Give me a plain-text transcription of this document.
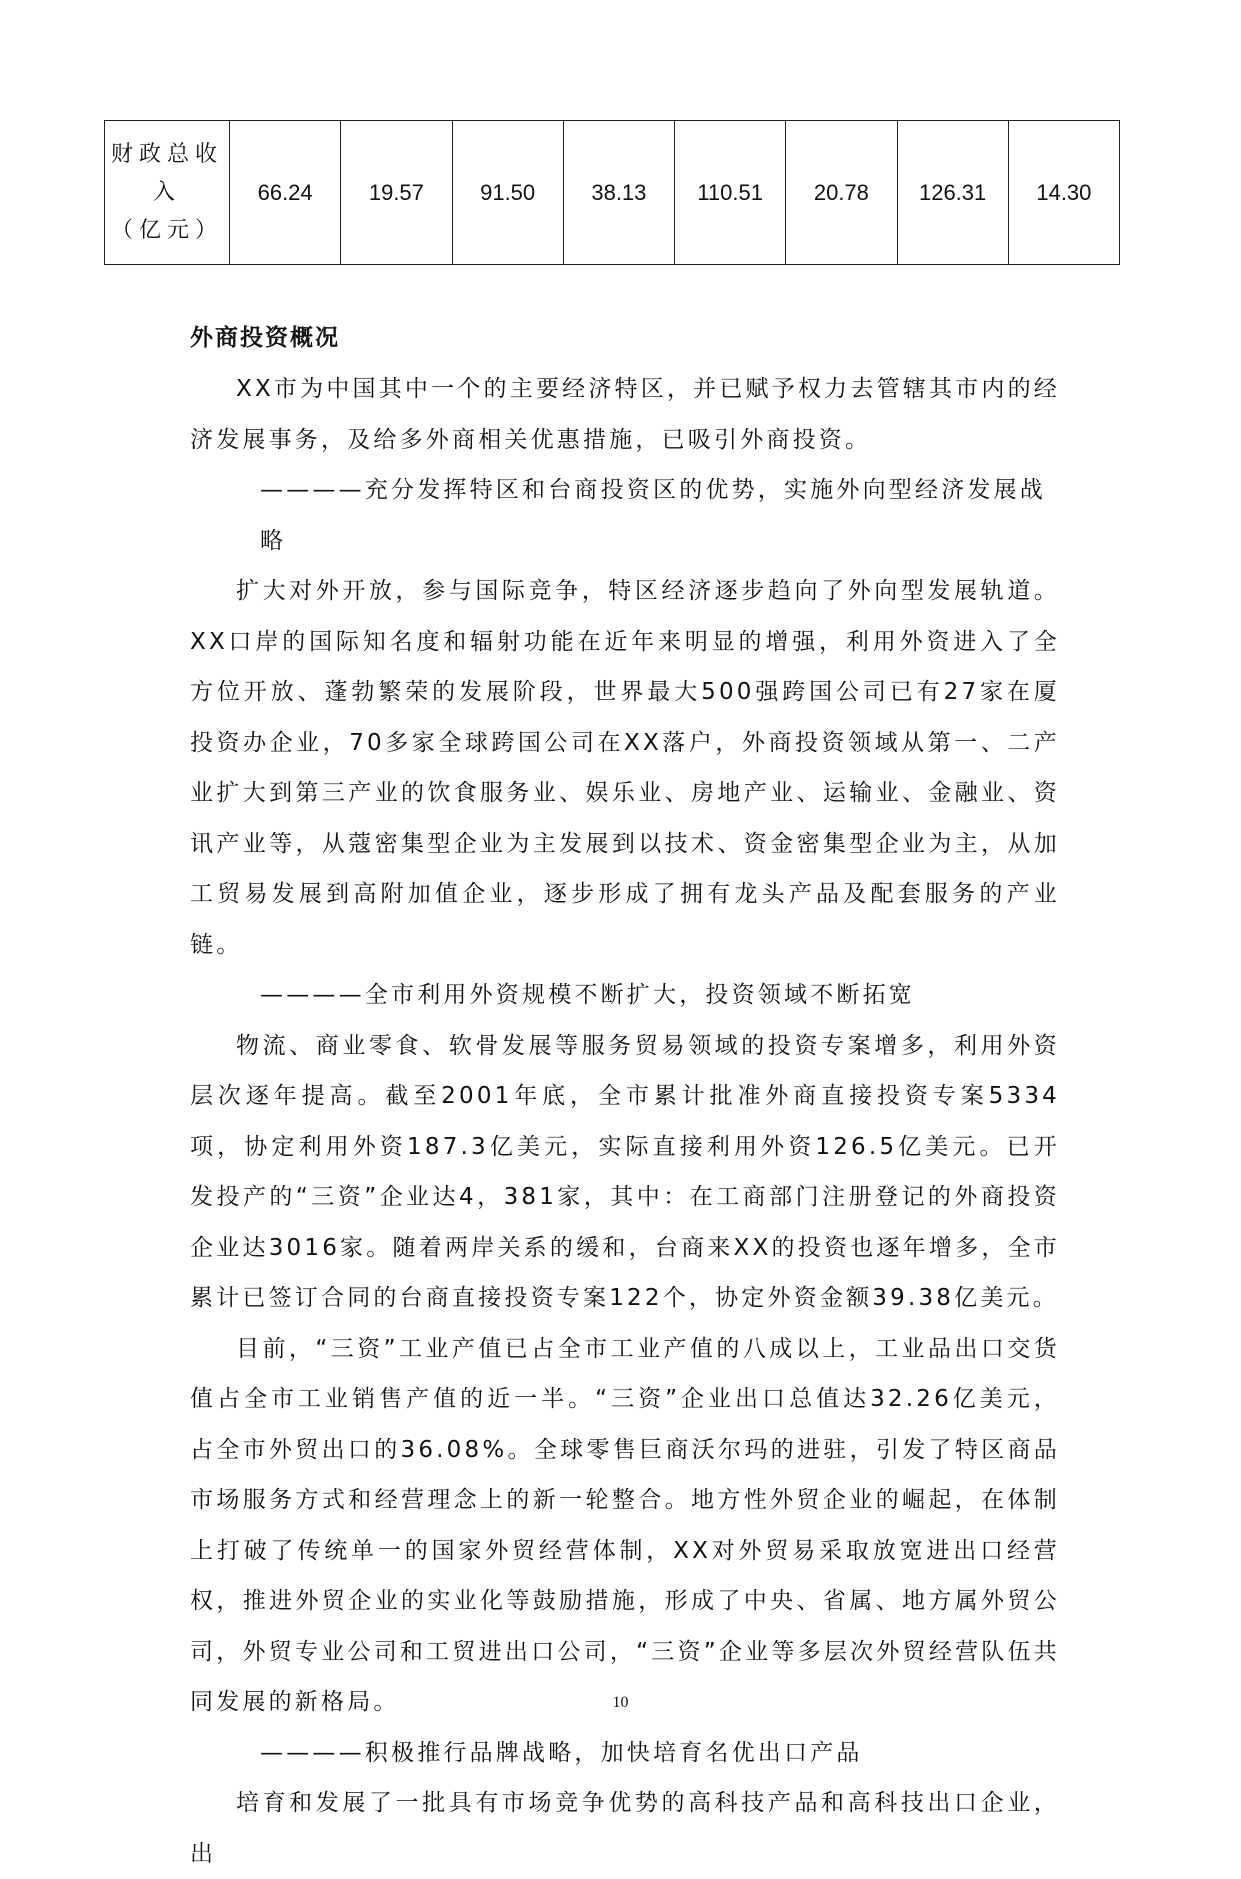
财政总收
入
（亿元）
	66.24	19.57	91.50	38.13	110.51	20.78	126.31	14.30
外商投资概况

XX市为中国其中一个的主要经济特区，并已赋予权力去管辖其市内的经济发展事务，及给多外商相关优惠措施，已吸引外商投资。

————充分发挥特区和台商投资区的优势，实施外向型经济发展战略

扩大对外开放，参与国际竞争，特区经济逐步趋向了外向型发展轨道。XX口岸的国际知名度和辐射功能在近年来明显的增强，利用外资进入了全方位开放、蓬勃繁荣的发展阶段，世界最大500强跨国公司已有27家在厦投资办企业，70多家全球跨国公司在XX落户，外商投资领域从第一、二产业扩大到第三产业的饮食服务业、娱乐业、房地产业、运输业、金融业、资讯产业等，从蔻密集型企业为主发展到以技术、资金密集型企业为主，从加工贸易发展到高附加值企业，逐步形成了拥有龙头产品及配套服务的产业链。

————全市利用外资规模不断扩大，投资领域不断拓宽

物流、商业零食、软骨发展等服务贸易领域的投资专案增多，利用外资层次逐年提高。截至2001年底，全市累计批准外商直接投资专案5334项，协定利用外资187.3亿美元，实际直接利用外资126.5亿美元。已开发投产的“三资”企业达4，381家，其中：在工商部门注册登记的外商投资企业达3016家。随着两岸关系的缓和，台商来XX的投资也逐年增多，全市累计已签订合同的台商直接投资专案122个，协定外资金额39.38亿美元。

目前，“三资”工业产值已占全市工业产值的八成以上，工业品出口交货值占全市工业销售产值的近一半。“三资”企业出口总值达32.26亿美元，占全市外贸出口的36.08%。全球零售巨商沃尔玛的进驻，引发了特区商品市场服务方式和经营理念上的新一轮整合。地方性外贸企业的崛起，在体制上打破了传统单一的国家外贸经营体制，XX对外贸易采取放宽进出口经营权，推进外贸企业的实业化等鼓励措施，形成了中央、省属、地方属外贸公司，外贸专业公司和工贸进出口公司，“三资”企业等多层次外贸经营队伍共同发展的新格局。

————积极推行品牌战略，加快培育名优出口产品

培育和发展了一批具有市场竞争优势的高科技产品和高科技出口企业，出

10
